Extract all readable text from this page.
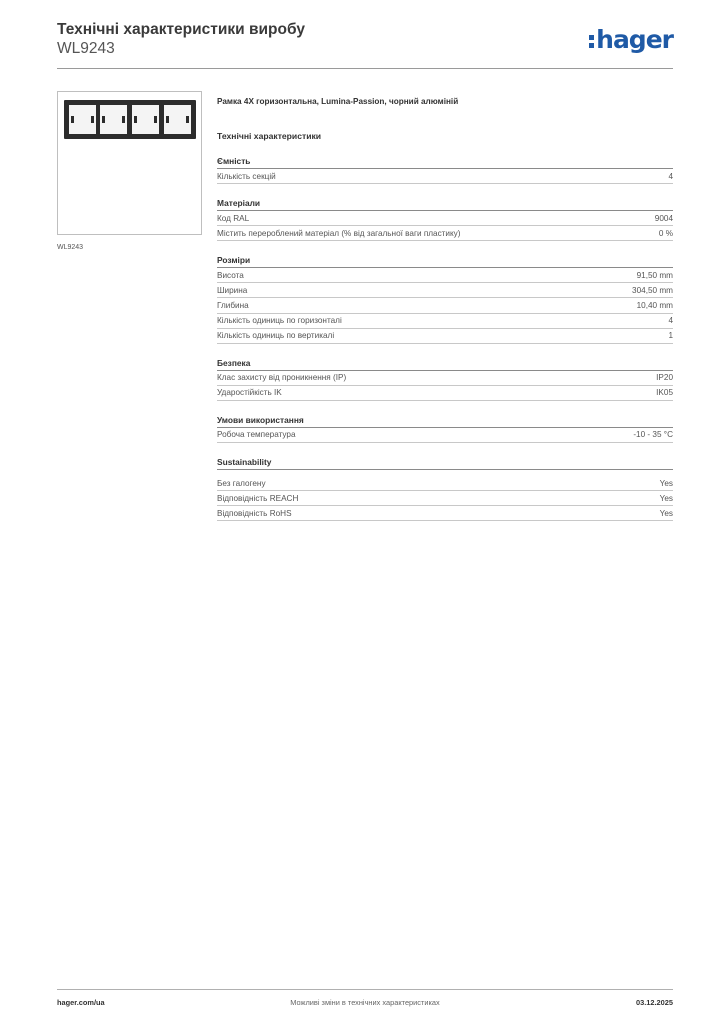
Технічні характеристики виробу
WL9243	hager
WL9243
Рамка 4X горизонтальна, Lumina-Passion, чорний алюміній
Технічні характеристики
Ємність
Кількість секцій	4
Матеріали
Код RAL	9004
Містить перероблений матеріал (% від загальної ваги пластику)	0 %
Розміри
Висота	91,50 mm
Ширина	304,50 mm
Глибина	10,40 mm
Кількість одиниць по горизонталі	4
Кількість одиниць по вертикалі	1
Безпека
Клас захисту від проникнення (IP)	IP20
Ударостійкість IK	IK05
Умови використання
Робоча температура	-10 - 35 °C
Sustainability
Без галогену	Yes
Відповідність REACH	Yes
Відповідність RoHS	Yes
hager.com/ua	Можливі зміни в технічних характеристиках	03.12.2025
